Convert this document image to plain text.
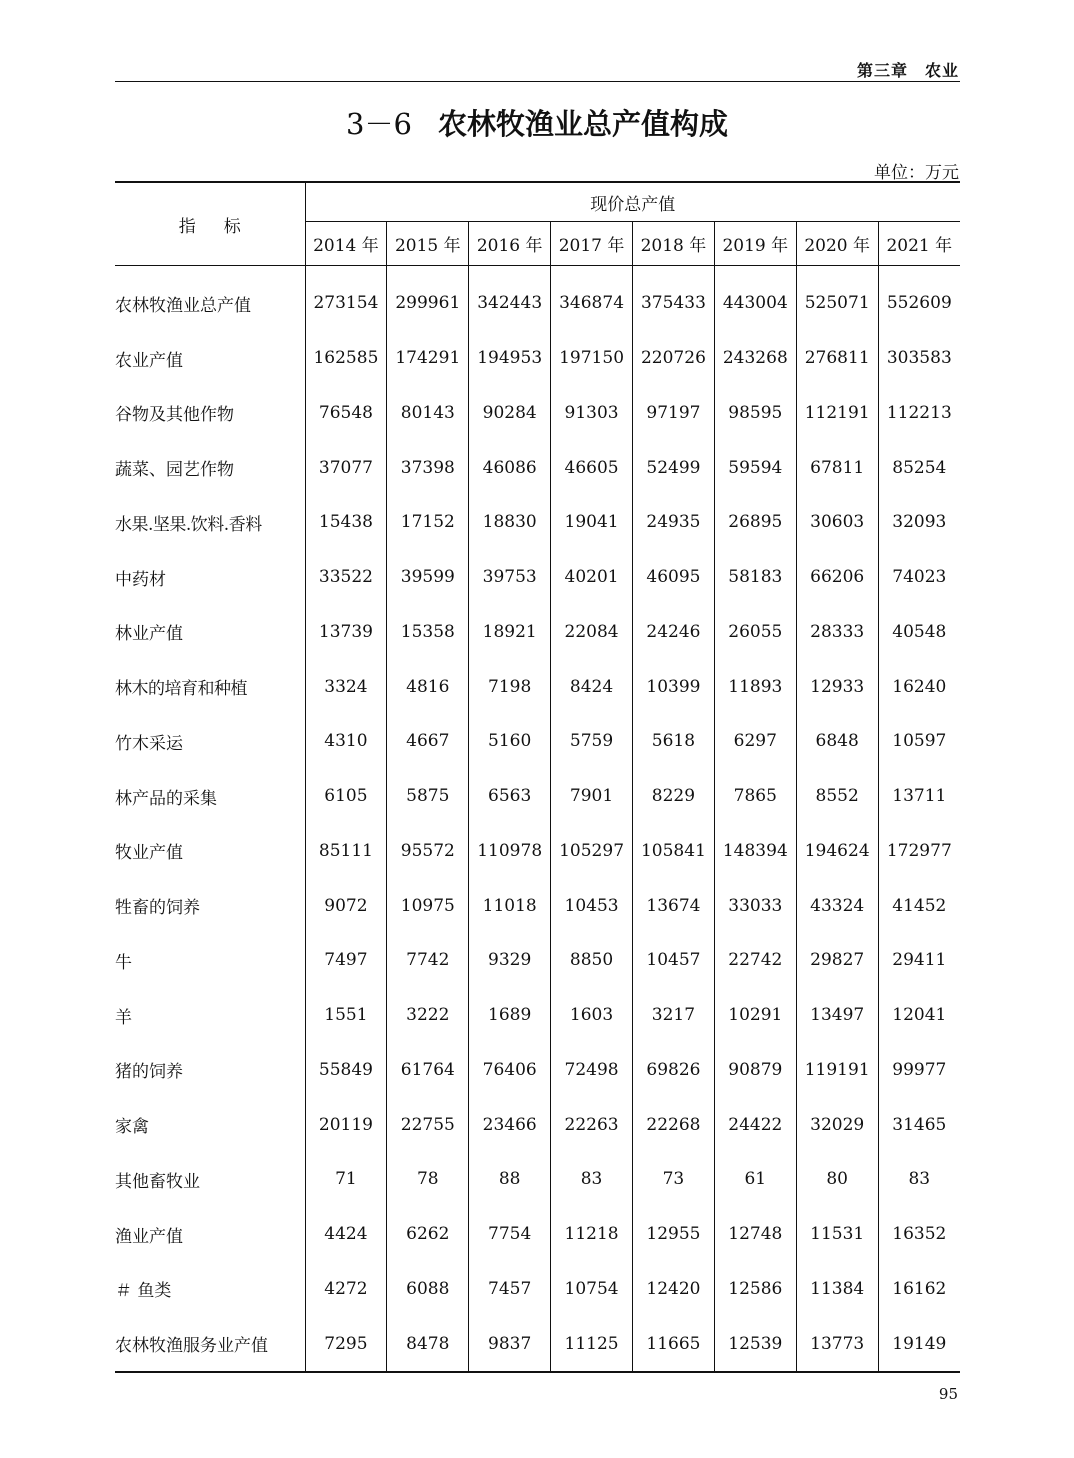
第三章　农业
3－6 农林牧渔业总产值构成
单位：万元
指标	现价总产值							
	2014 年	2015 年	2016 年	2017 年	2018 年	2019 年	2020 年	2021 年
农林牧渔业总产值	273154	299961	342443	346874	375433	443004	525071	552609
农业产值	162585	174291	194953	197150	220726	243268	276811	303583
谷物及其他作物	76548	80143	90284	91303	97197	98595	112191	112213
蔬菜、园艺作物	37077	37398	46086	46605	52499	59594	67811	85254
水果.坚果.饮料.香料	15438	17152	18830	19041	24935	26895	30603	32093
中药材	33522	39599	39753	40201	46095	58183	66206	74023
林业产值	13739	15358	18921	22084	24246	26055	28333	40548
林木的培育和种植	3324	4816	7198	8424	10399	11893	12933	16240
竹木采运	4310	4667	5160	5759	5618	6297	6848	10597
林产品的采集	6105	5875	6563	7901	8229	7865	8552	13711
牧业产值	85111	95572	110978	105297	105841	148394	194624	172977
牲畜的饲养	9072	10975	11018	10453	13674	33033	43324	41452
牛	7497	7742	9329	8850	10457	22742	29827	29411
羊	1551	3222	1689	1603	3217	10291	13497	12041
猪的饲养	55849	61764	76406	72498	69826	90879	119191	99977
家禽	20119	22755	23466	22263	22268	24422	32029	31465
其他畜牧业	71	78	88	83	73	61	80	83
渔业产值	4424	6262	7754	11218	12955	12748	11531	16352
＃ 鱼类	4272	6088	7457	10754	12420	12586	11384	16162
农林牧渔服务业产值	7295	8478	9837	11125	11665	12539	13773	19149
95
